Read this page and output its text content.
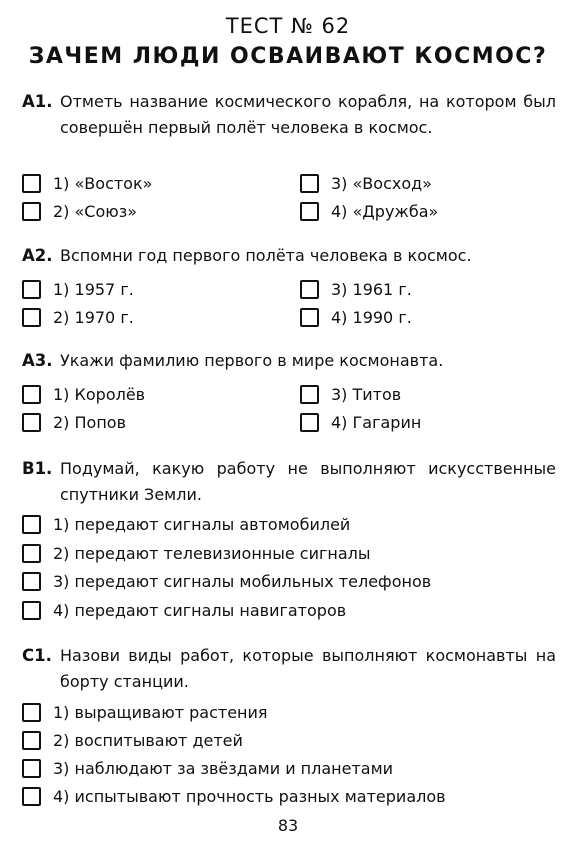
ТЕСТ № 62
ЗАЧЕМ ЛЮДИ ОСВАИВАЮТ КОСМОС?
А1. Отметь название космического корабля, на котором был совершён первый полёт человека в космос.
1) «Восток»	3) «Восход»
2) «Союз»	4) «Дружба»
А2. Вспомни год первого полёта человека в космос.
1) 1957 г.	3) 1961 г.
2) 1970 г.	4) 1990 г.
А3. Укажи фамилию первого в мире космонавта.
1) Королёв	3) Титов
2) Попов	4) Гагарин
В1. Подумай, какую работу не выполняют искусственные спутники Земли.
1) передают сигналы автомобилей
2) передают телевизионные сигналы
3) передают сигналы мобильных телефонов
4) передают сигналы навигаторов
С1. Назови виды работ, которые выполняют космонавты на борту станции.
1) выращивают растения
2) воспитывают детей
3) наблюдают за звёздами и планетами
4) испытывают прочность разных материалов
83
